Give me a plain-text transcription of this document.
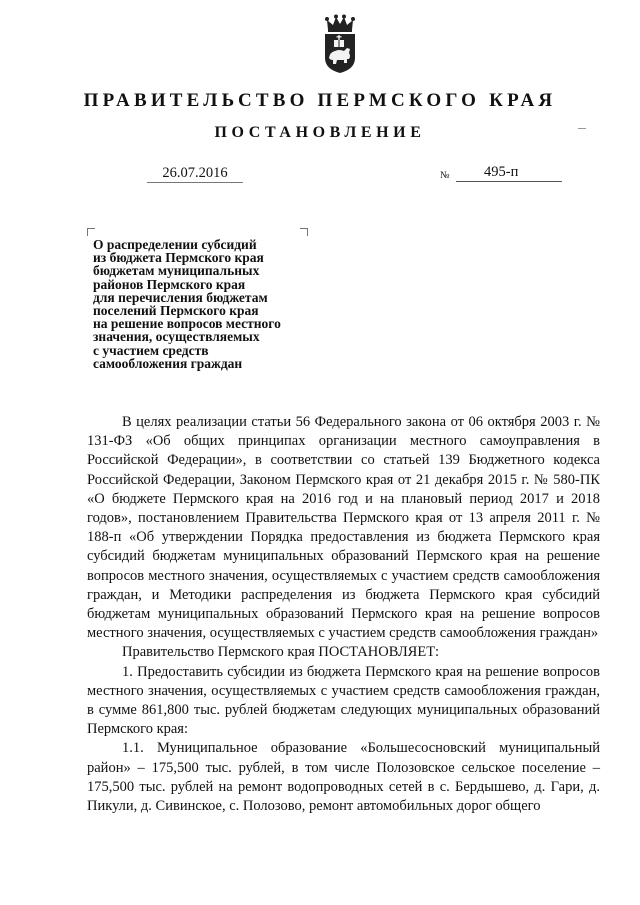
ПРАВИТЕЛЬСТВО ПЕРМСКОГО КРАЯ
ПОСТАНОВЛЕНИЕ
26.07.2016	№	495-п
О распределении субсидий
из бюджета Пермского края
бюджетам муниципальных
районов Пермского края
для перечисления бюджетам
поселений Пермского края
на решение вопросов местного
значения, осуществляемых
с участием средств
самообложения граждан

В целях реализации статьи 56 Федерального закона от 06 октября 2003 г. № 131-ФЗ «Об общих принципах организации местного самоуправления в Российской Федерации», в соответствии со статьей 139 Бюджетного кодекса Российской Федерации, Законом Пермского края от 21 декабря 2015 г. № 580-ПК «О бюджете Пермского края на 2016 год и на плановый период 2017 и 2018 годов», постановлением Правительства Пермского края от 13 апреля 2011 г. № 188-п «Об утверждении Порядка предоставления из бюджета Пермского края субсидий бюджетам муниципальных образований Пермского края на решение вопросов местного значения, осуществляемых с участием средств самообложения граждан, и Методики распределения из бюджета Пермского края субсидий бюджетам муниципальных образований Пермского края на решение вопросов местного значения, осуществляемых с участием средств самообложения граждан»

Правительство Пермского края ПОСТАНОВЛЯЕТ:

1. Предоставить субсидии из бюджета Пермского края на решение вопросов местного значения, осуществляемых с участием средств самообложения граждан, в сумме 861,800 тыс. рублей бюджетам следующих муниципальных образований Пермского края:

1.1. Муниципальное образование «Большесосновский муниципальный район» – 175,500 тыс. рублей, в том числе Полозовское сельское поселение – 175,500 тыс. рублей на ремонт водопроводных сетей в с. Бердышево, д. Гари, д. Пикули, д. Сивинское, с. Полозово, ремонт автомобильных дорог общего
